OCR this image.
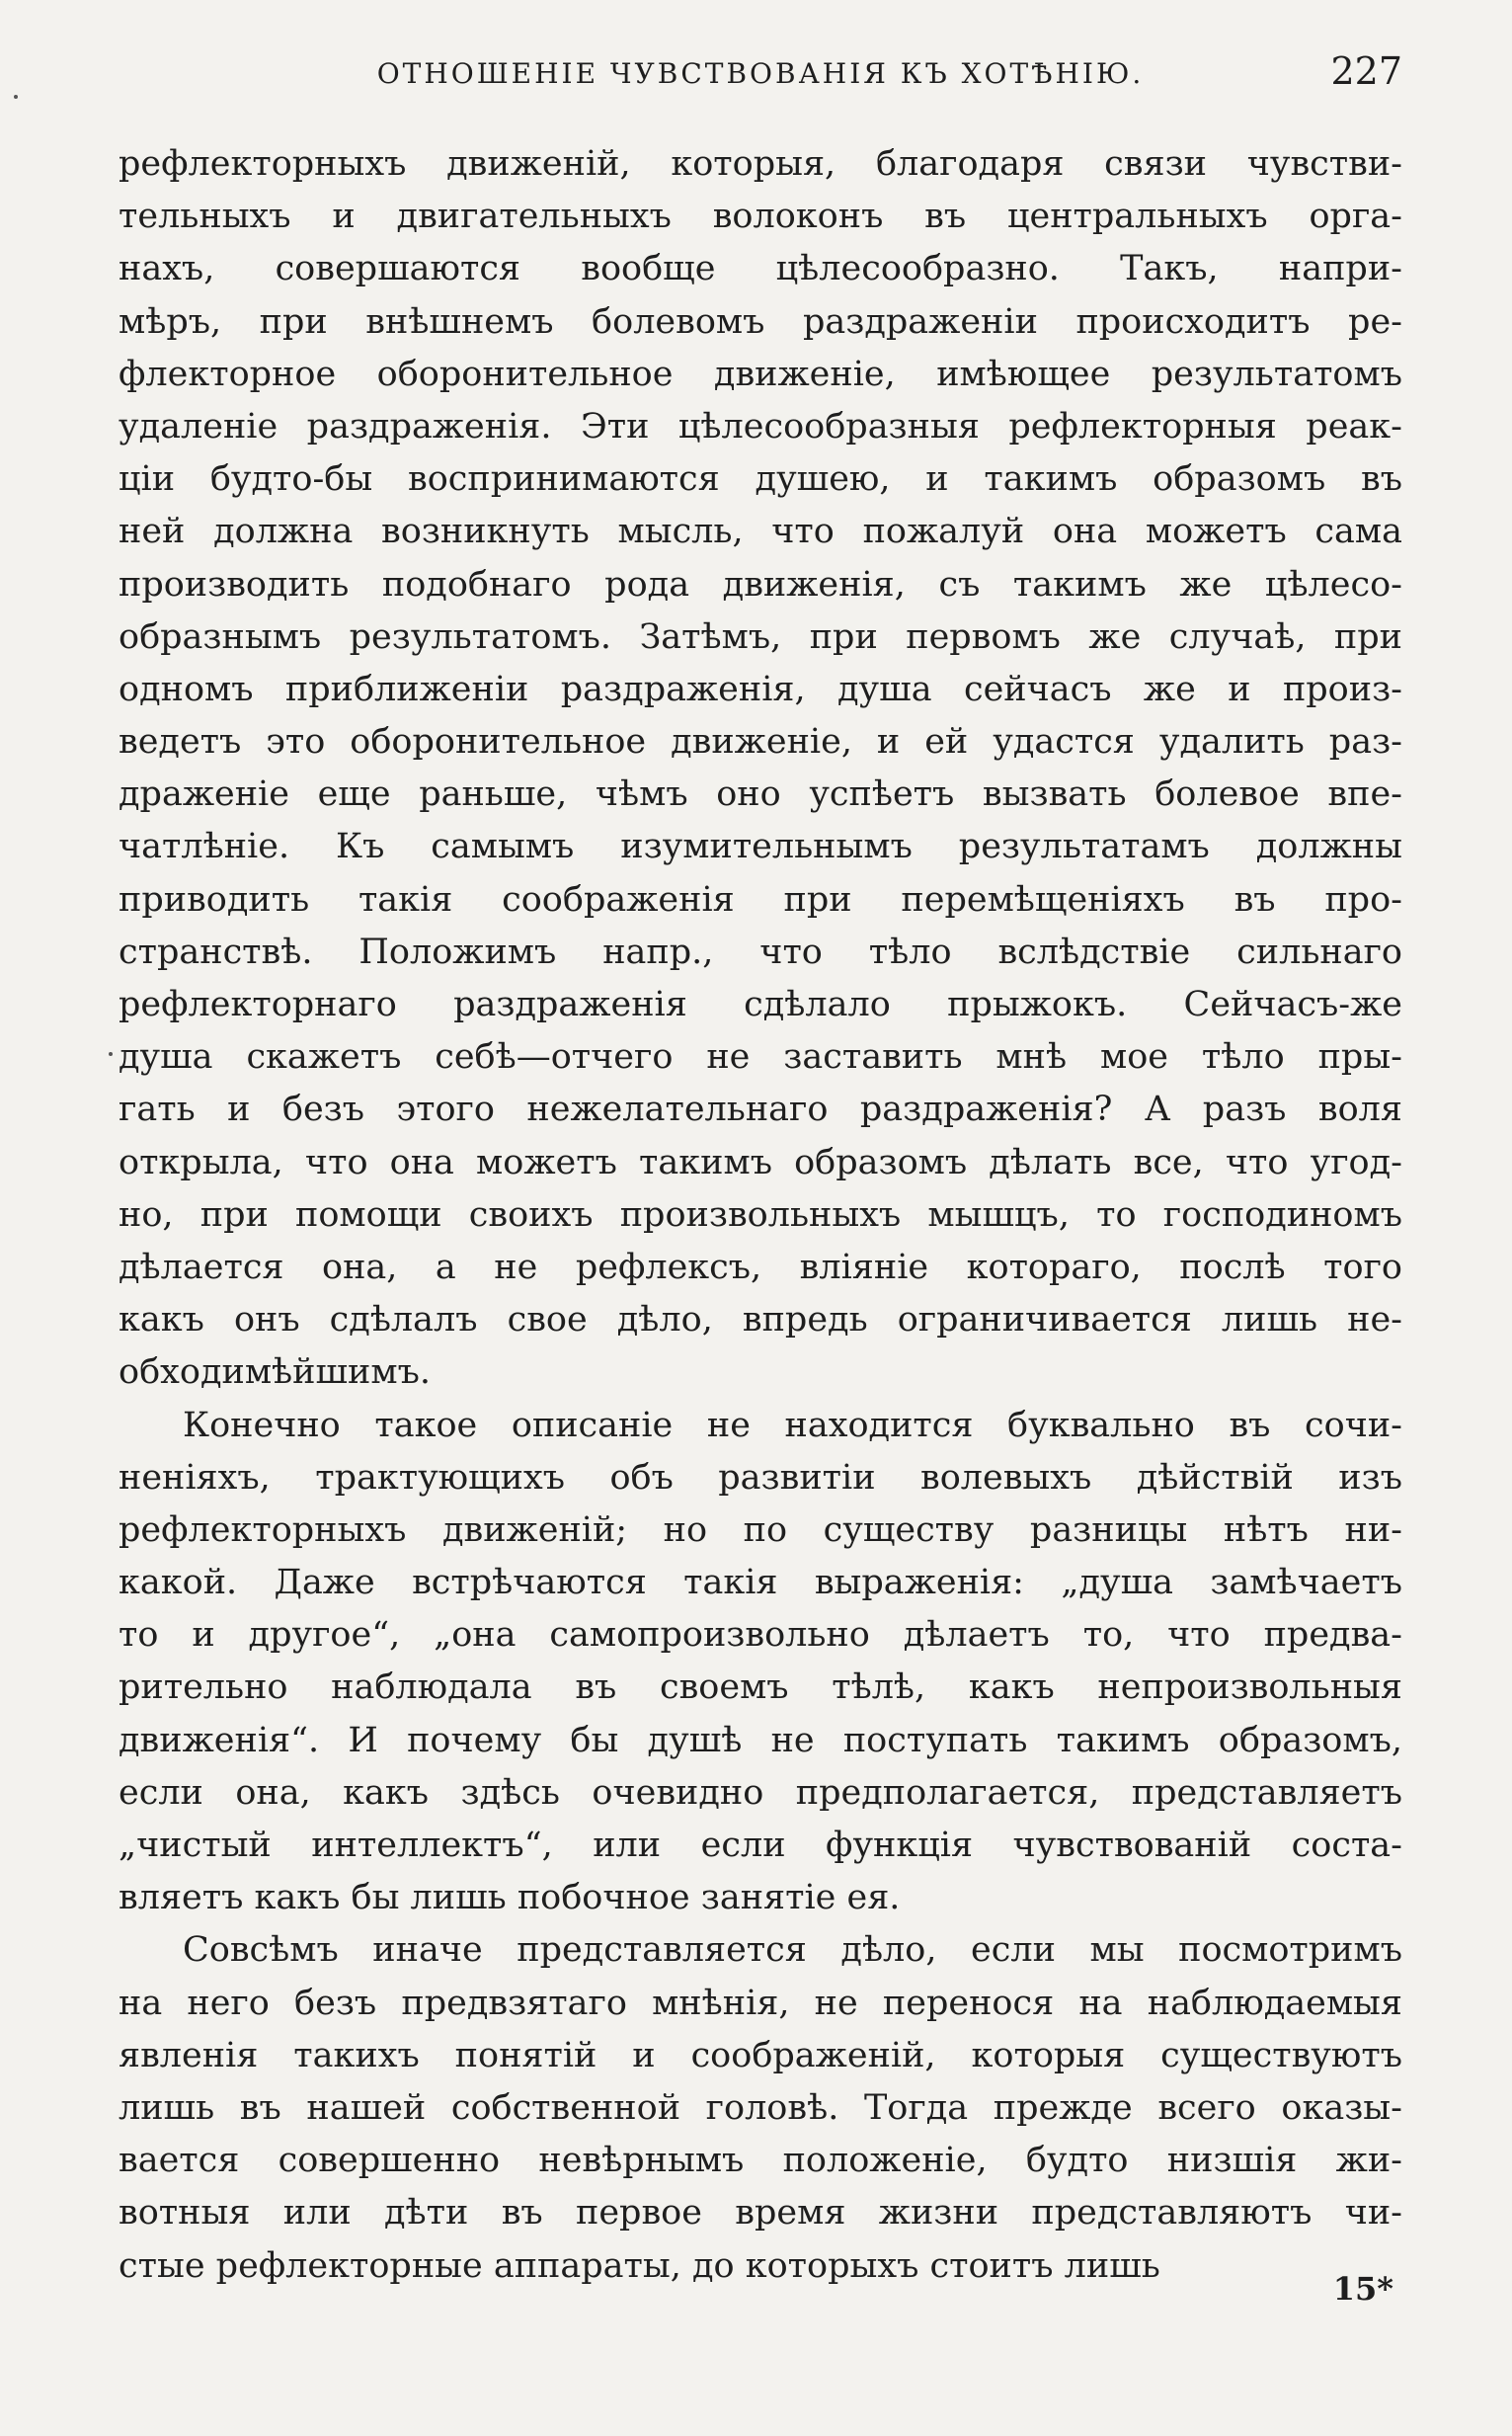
ОТНОШЕНІЕ ЧУВСТВОВАНІЯ КЪ ХОТѢНІЮ.	227
рефлекторныхъ движеній, которыя, благодаря связи чувстви-
тельныхъ и двигательныхъ волоконъ въ центральныхъ орга-
нахъ, совершаются вообще цѣлесообразно. Такъ, напри-
мѣръ, при внѣшнемъ болевомъ раздраженіи происходитъ ре-
флекторное оборонительное движеніе, имѣющее результатомъ
удаленіе раздраженія. Эти цѣлесообразныя рефлекторныя реак-
ціи будто-бы воспринимаются душею, и такимъ образомъ въ
ней должна возникнуть мысль, что пожалуй она можетъ сама
производить подобнаго рода движенія, съ такимъ же цѣлесо-
образнымъ результатомъ. Затѣмъ, при первомъ же случаѣ, при
одномъ приближеніи раздраженія, душа сейчасъ же и произ-
ведетъ это оборонительное движеніе, и ей удастся удалить раз-
драженіе еще раньше, чѣмъ оно успѣетъ вызвать болевое впе-
чатлѣніе. Къ самымъ изумительнымъ результатамъ должны
приводить такія соображенія при перемѣщеніяхъ въ про-
странствѣ. Положимъ напр., что тѣло вслѣдствіе сильнаго
рефлекторнаго раздраженія сдѣлало прыжокъ. Сейчасъ-же
душа скажетъ себѣ—отчего не заставить мнѣ мое тѣло пры-
гать и безъ этого нежелательнаго раздраженія? А разъ воля
открыла, что она можетъ такимъ образомъ дѣлать все, что угод-
но, при помощи своихъ произвольныхъ мышцъ, то господиномъ
дѣлается она, а не рефлексъ, вліяніе котораго, послѣ того
какъ онъ сдѣлалъ свое дѣло, впредь ограничивается лишь не-
обходимѣйшимъ.
Конечно такое описаніе не находится буквально въ сочи-
неніяхъ, трактующихъ объ развитіи волевыхъ дѣйствій изъ
рефлекторныхъ движеній; но по существу разницы нѣтъ ни-
какой. Даже встрѣчаются такія выраженія: „душа замѣчаетъ
то и другое“, „она самопроизвольно дѣлаетъ то, что предва-
рительно наблюдала въ своемъ тѣлѣ, какъ непроизвольныя
движенія“. И почему бы душѣ не поступать такимъ образомъ,
если она, какъ здѣсь очевидно предполагается, представляетъ
„чистый интеллектъ“, или если функція чувствованій соста-
вляетъ какъ бы лишь побочное занятіе ея.
Совсѣмъ иначе представляется дѣло, если мы посмотримъ
на него безъ предвзятаго мнѣнія, не перенося на наблюдаемыя
явленія такихъ понятій и соображеній, которыя существуютъ
лишь въ нашей собственной головѣ. Тогда прежде всего оказы-
вается совершенно невѣрнымъ положеніе, будто низшія жи-
вотныя или дѣти въ первое время жизни представляютъ чи-
стые рефлекторные аппараты, до которыхъ стоитъ лишь
15*
